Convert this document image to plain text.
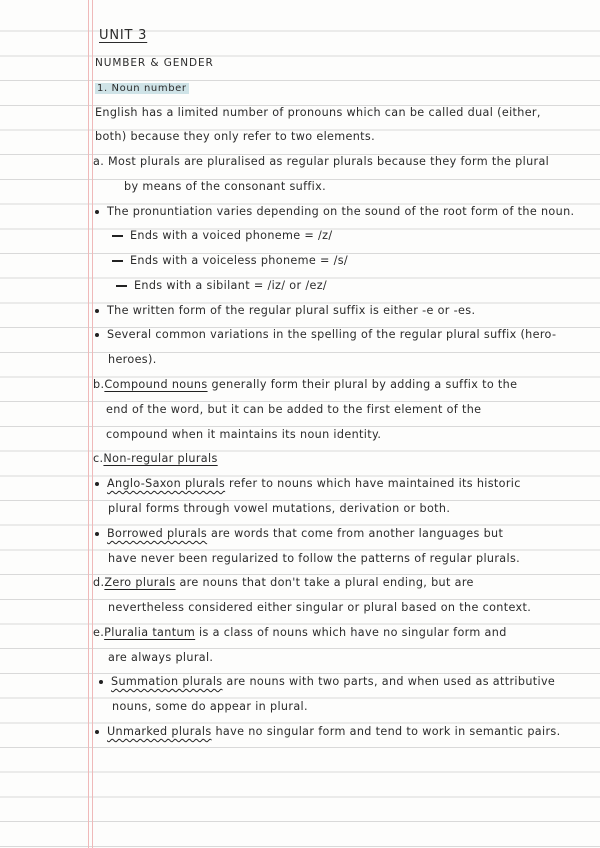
UNIT 3
NUMBER & GENDER
1. Noun number
English has a limited number of pronouns which can be called dual (either,
both) because they only refer to two elements.
a. Most plurals are pluralised as regular plurals because they form the plural
by means of the consonant suffix.
The pronuntiation varies depending on the sound of the root form of the noun.
Ends with a voiced phoneme = /z/
Ends with a voiceless phoneme = /s/
Ends with a sibilant = /iz/ or /ez/
The written form of the regular plural suffix is either -e or -es.
Several common variations in the spelling of the regular plural suffix (hero-
heroes).
b.Compound nouns generally form their plural by adding a suffix to the
end of the word, but it can be added to the first element of the
compound when it maintains its noun identity.
c.Non-regular plurals
Anglo-Saxon plurals refer to nouns which have maintained its historic
plural forms through vowel mutations, derivation or both.
Borrowed plurals are words that come from another languages but
have never been regularized to follow the patterns of regular plurals.
d.Zero plurals are nouns that don't take a plural ending, but are
nevertheless considered either singular or plural based on the context.
e.Pluralia tantum is a class of nouns which have no singular form and
are always plural.
Summation plurals are nouns with two parts, and when used as attributive
nouns, some do appear in plural.
Unmarked plurals have no singular form and tend to work in semantic pairs.
